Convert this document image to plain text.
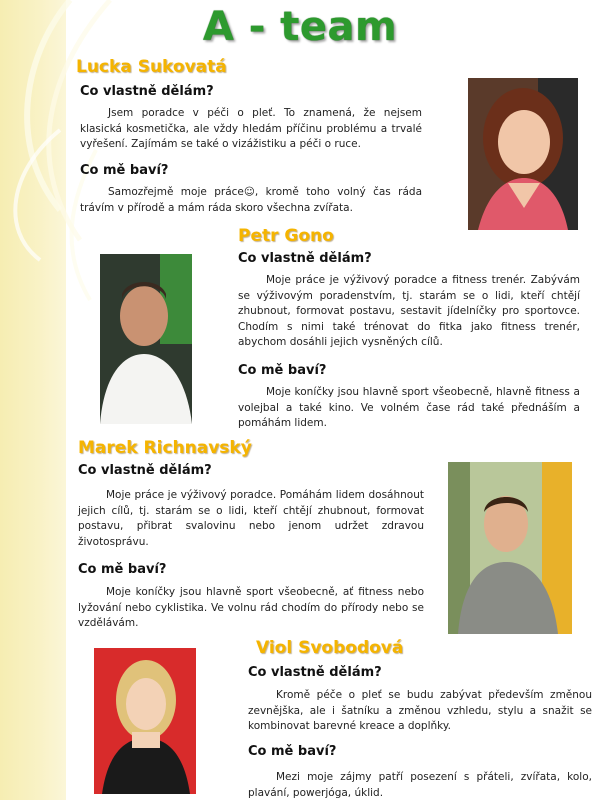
A - team
Lucka Sukovatá
Co vlastně dělám?
Jsem poradce v péči o pleť. To znamená, že nejsem klasická kosmetička, ale vždy hledám příčinu problému a trvalé vyřešení. Zajímám se také o vizážistiku a péči o ruce.
Co mě baví?
Samozřejmě moje práce☺, kromě toho volný čas ráda trávím v přírodě a mám ráda skoro všechna zvířata.
Petr Gono
Co vlastně dělám?
Moje práce je výživový poradce a fitness trenér. Zabývám se výživovým poradenstvím, tj. starám se o lidi, kteří chtějí zhubnout, formovat postavu, sestavit jídelníčky pro sportovce. Chodím s nimi také trénovat do fitka jako fitness trenér, abychom dosáhli jejich vysněných cílů.
Co mě baví?
Moje koníčky jsou hlavně sport všeobecně, hlavně fitness a volejbal a také kino. Ve volném čase rád také přednáším a pomáhám lidem.
Marek Richnavský
Co vlastně dělám?
Moje práce je výživový poradce. Pomáhám lidem dosáhnout jejich cílů, tj. starám se o lidi, kteří chtějí zhubnout, formovat postavu, přibrat svalovinu nebo jenom udržet zdravou životosprávu.
Co mě baví?
Moje koníčky jsou hlavně sport všeobecně, ať fitness nebo lyžování nebo cyklistika. Ve volnu rád chodím do přírody nebo se vzdělávám.
Viol Svobodová
Co vlastně dělám?
Kromě péče o pleť se budu zabývat především změnou zevnějška, ale i šatníku a změnou vzhledu, stylu a snažit se kombinovat barevné kreace a doplňky.
Co mě baví?
Mezi moje zájmy patří posezení s přáteli, zvířata, kolo, plavání, powerjóga, úklid.
